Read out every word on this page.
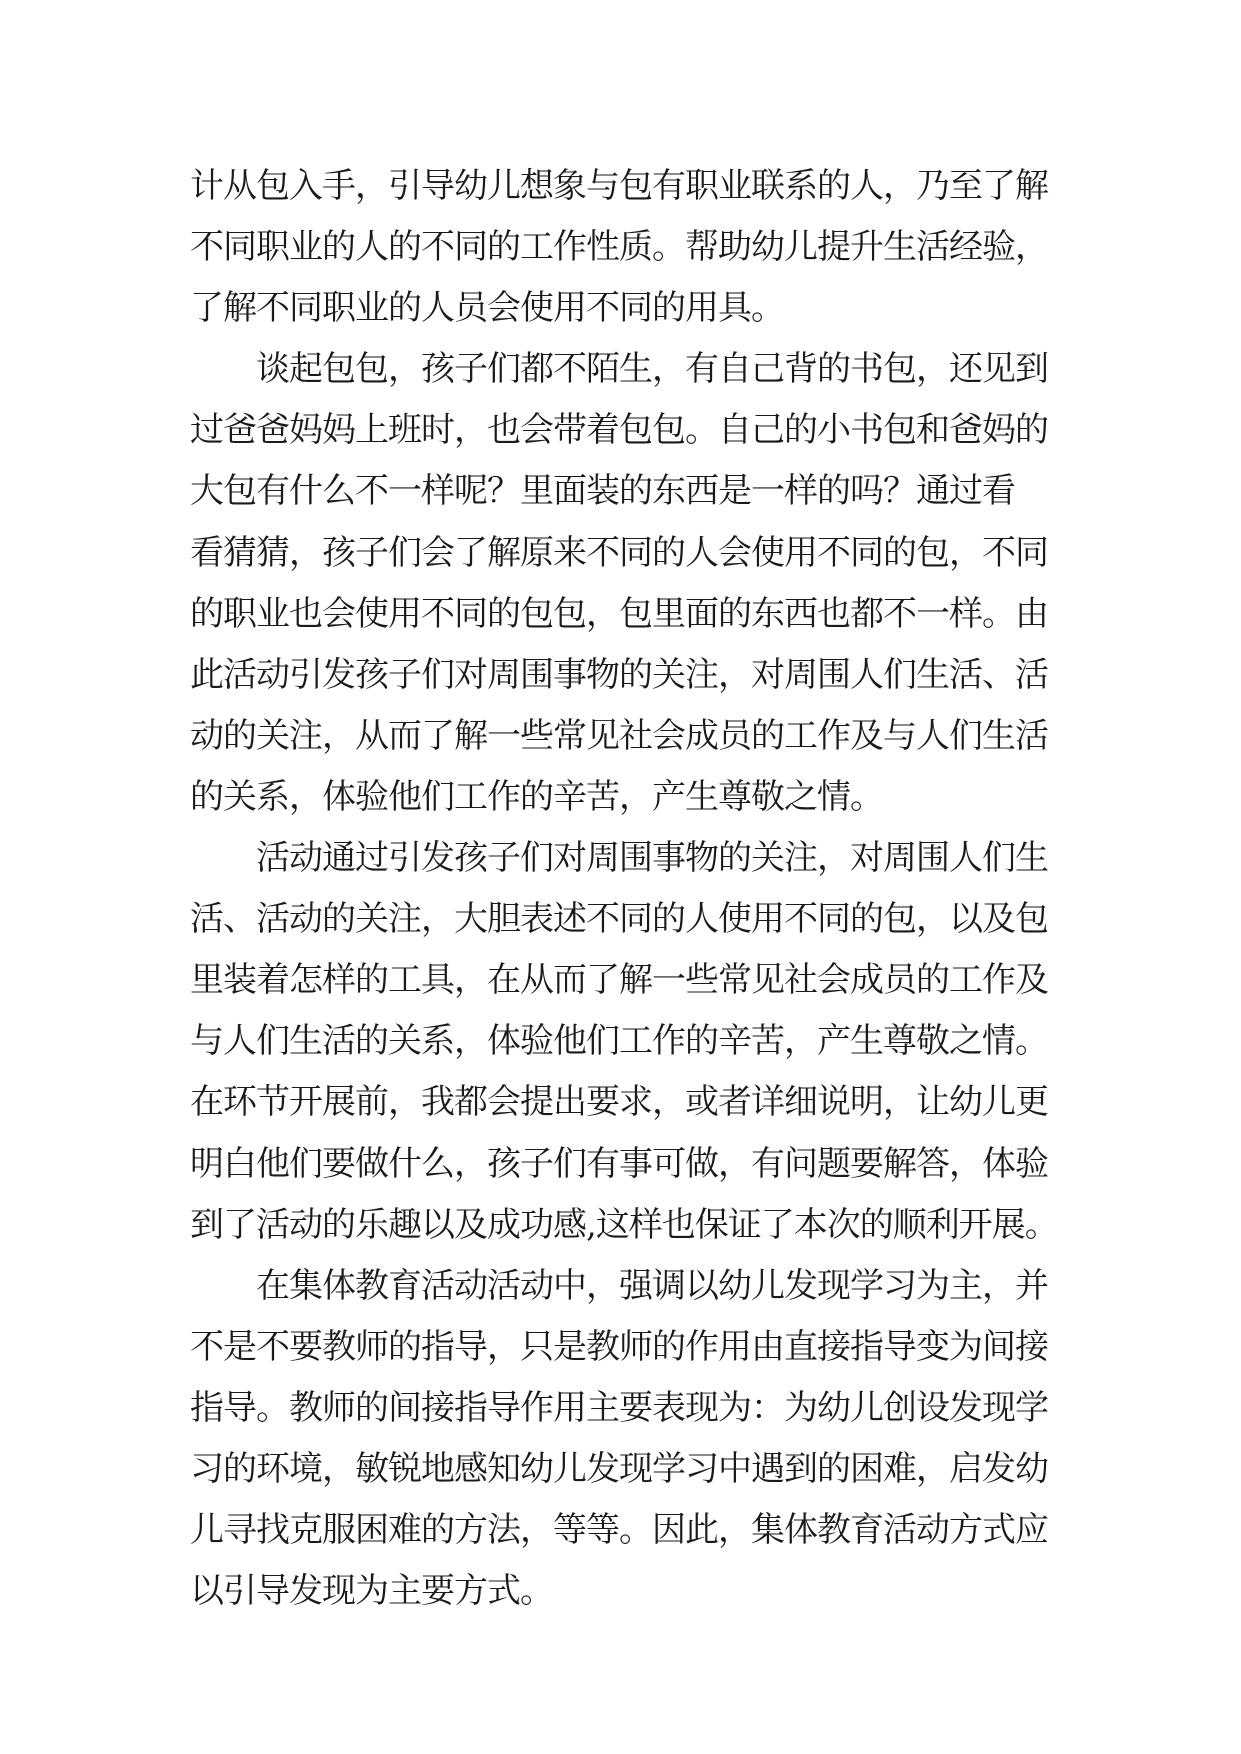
计从包入手，引导幼儿想象与包有职业联系的人，乃至了解
不同职业的人的不同的工作性质。帮助幼儿提升生活经验，
了解不同职业的人员会使用不同的用具。
　　谈起包包，孩子们都不陌生，有自己背的书包，还见到
过爸爸妈妈上班时，也会带着包包。自己的小书包和爸妈的
大包有什么不一样呢？里面装的东西是一样的吗？通过看
看猜猜，孩子们会了解原来不同的人会使用不同的包，不同
的职业也会使用不同的包包，包里面的东西也都不一样。由
此活动引发孩子们对周围事物的关注，对周围人们生活、活
动的关注，从而了解一些常见社会成员的工作及与人们生活
的关系，体验他们工作的辛苦，产生尊敬之情。
　　活动通过引发孩子们对周围事物的关注，对周围人们生
活、活动的关注，大胆表述不同的人使用不同的包，以及包
里装着怎样的工具，在从而了解一些常见社会成员的工作及
与人们生活的关系，体验他们工作的辛苦，产生尊敬之情。
在环节开展前，我都会提出要求，或者详细说明，让幼儿更
明白他们要做什么，孩子们有事可做，有问题要解答，体验
到了活动的乐趣以及成功感,这样也保证了本次的顺利开展。
　　在集体教育活动活动中，强调以幼儿发现学习为主，并
不是不要教师的指导，只是教师的作用由直接指导变为间接
指导。教师的间接指导作用主要表现为：为幼儿创设发现学
习的环境，敏锐地感知幼儿发现学习中遇到的困难，启发幼
儿寻找克服困难的方法，等等。因此，集体教育活动方式应
以引导发现为主要方式。
